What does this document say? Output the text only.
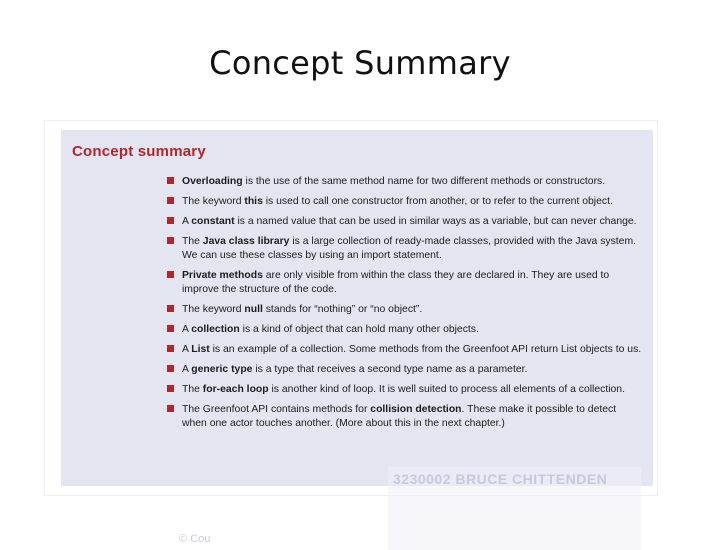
Concept Summary
Concept summary
Overloading is the use of the same method name for two different methods or constructors.
The keyword this is used to call one constructor from another, or to refer to the current object.
A constant is a named value that can be used in similar ways as a variable, but can never change.
The Java class library is a large collection of ready-made classes, provided with the Java system. We can use these classes by using an import statement.
Private methods are only visible from within the class they are declared in. They are used to improve the structure of the code.
The keyword null stands for “nothing” or “no object”.
A collection is a kind of object that can hold many other objects.
A List is an example of a collection. Some methods from the Greenfoot API return List objects to us.
A generic type is a type that receives a second type name as a parameter.
The for-each loop is another kind of loop. It is well suited to process all elements of a collection.
The Greenfoot API contains methods for collision detection. These make it possible to detect when one actor touches another. (More about this in the next chapter.)
3230002 BRUCE CHITTENDEN
© Cou
